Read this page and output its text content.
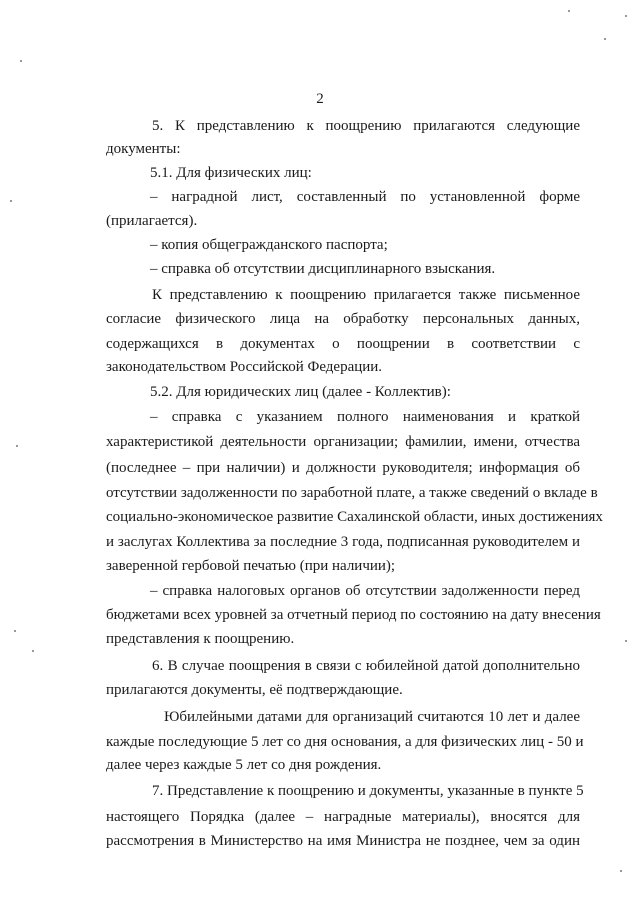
2
5. К представлению к поощрению прилагаются следующие
документы:
5.1. Для физических лиц:
– наградной лист, составленный по установленной форме
(прилагается).
– копия общегражданского паспорта;
– справка об отсутствии дисциплинарного взыскания.
К представлению к поощрению прилагается также письменное
согласие физического лица на обработку персональных данных,
содержащихся в документах о поощрении в соответствии с
законодательством Российской Федерации.
5.2. Для юридических лиц (далее - Коллектив):
– справка с указанием полного наименования и краткой
характеристикой деятельности организации; фамилии, имени, отчества
(последнее – при наличии) и должности руководителя; информация об
отсутствии задолженности по заработной плате, а также сведений о вкладе в
социально-экономическое развитие Сахалинской области, иных достижениях
и заслугах Коллектива за последние 3 года, подписанная руководителем и
заверенной гербовой печатью (при наличии);
– справка налоговых органов об отсутствии задолженности перед
бюджетами всех уровней за отчетный период по состоянию на дату внесения
представления к поощрению.
6. В случае поощрения в связи с юбилейной датой дополнительно
прилагаются документы, её подтверждающие.
Юбилейными датами для организаций считаются 10 лет и далее
каждые последующие 5 лет со дня основания, а для физических лиц - 50 и
далее через каждые 5 лет со дня рождения.
7. Представление к поощрению и документы, указанные в пункте 5
настоящего Порядка (далее – наградные материалы), вносятся для
рассмотрения в Министерство на имя Министра не позднее, чем за один
